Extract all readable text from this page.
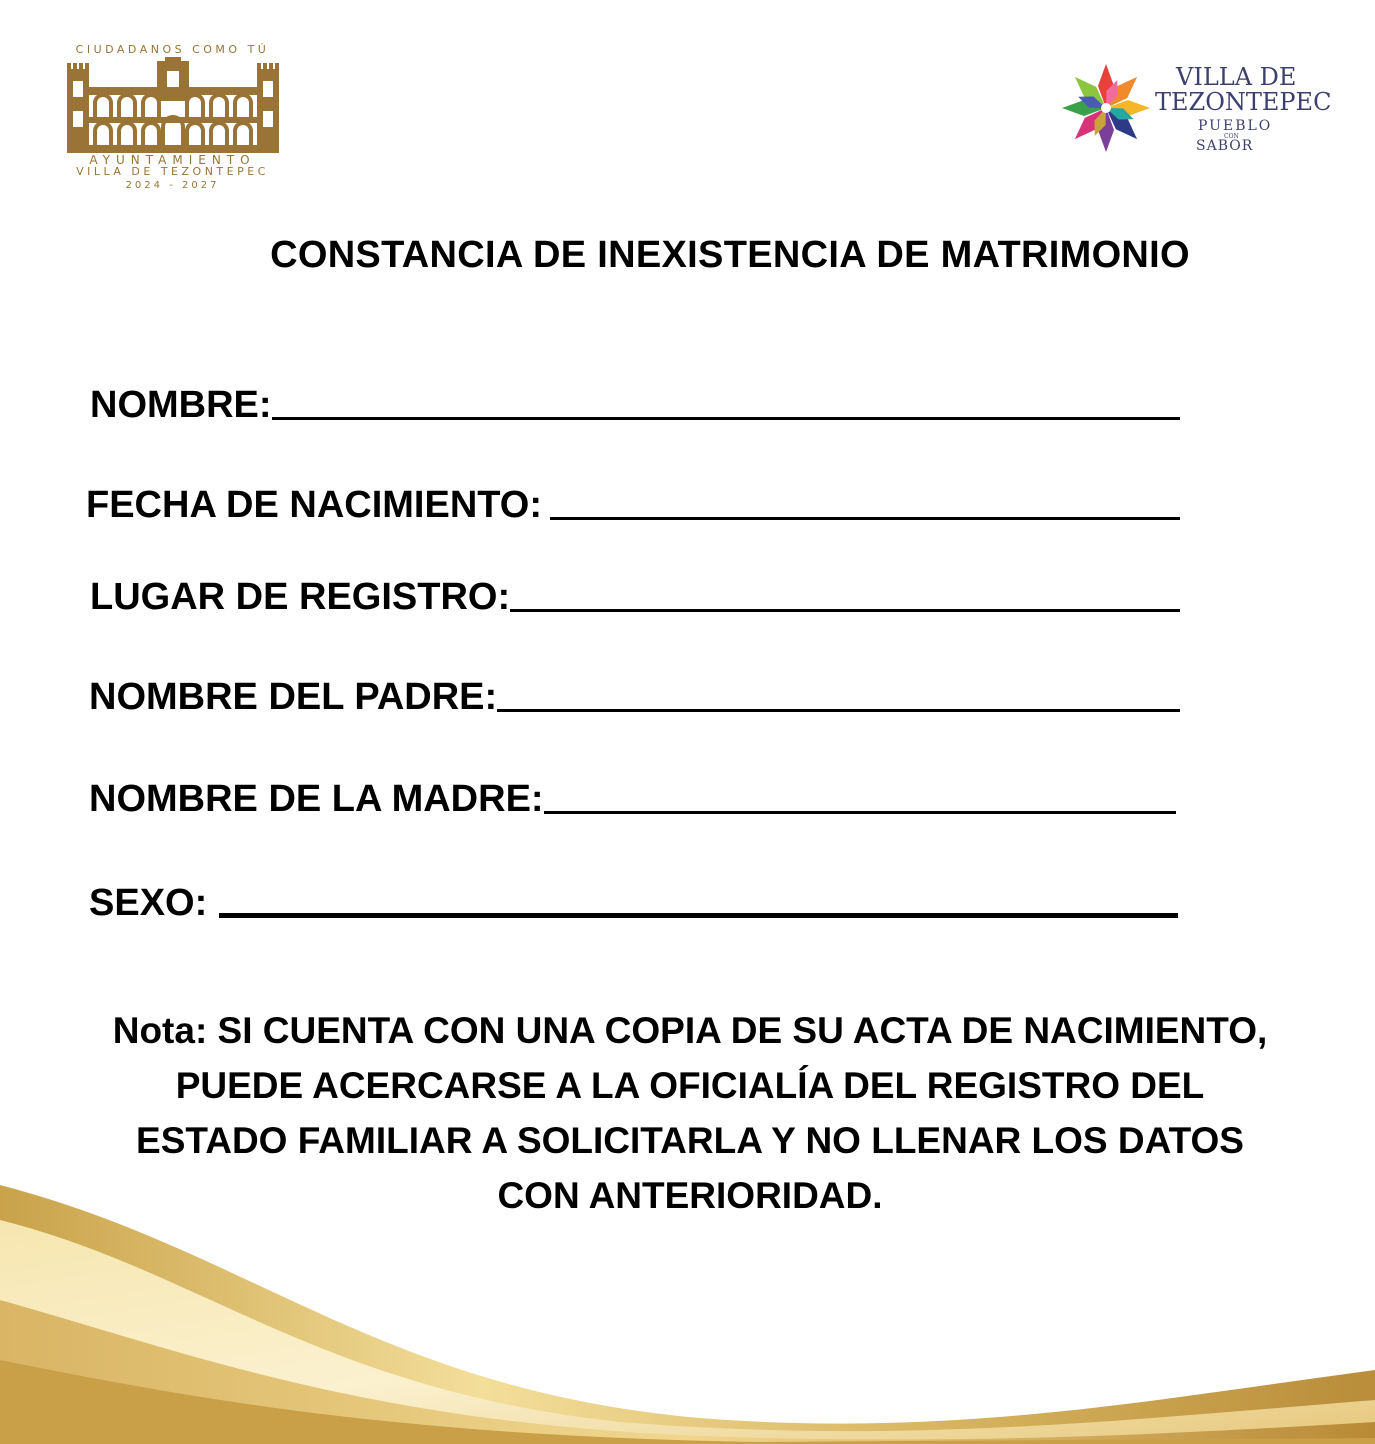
CIUDADANOS COMO TÚ
AYUNTAMIENTO
VILLA DE TEZONTEPEC
2024 - 2027
VILLA DE
TEZONTEPEC
PUEBLO
CON
SABOR
CONSTANCIA DE INEXISTENCIA DE MATRIMONIO
NOMBRE:
FECHA DE NACIMIENTO:
LUGAR DE REGISTRO:
NOMBRE DEL PADRE:
NOMBRE DE LA MADRE:
SEXO:
Nota: SI CUENTA CON UNA COPIA DE SU ACTA DE NACIMIENTO, PUEDE ACERCARSE A LA OFICIALÍA DEL REGISTRO DEL ESTADO FAMILIAR A SOLICITARLA Y NO LLENAR LOS DATOS CON ANTERIORIDAD.
